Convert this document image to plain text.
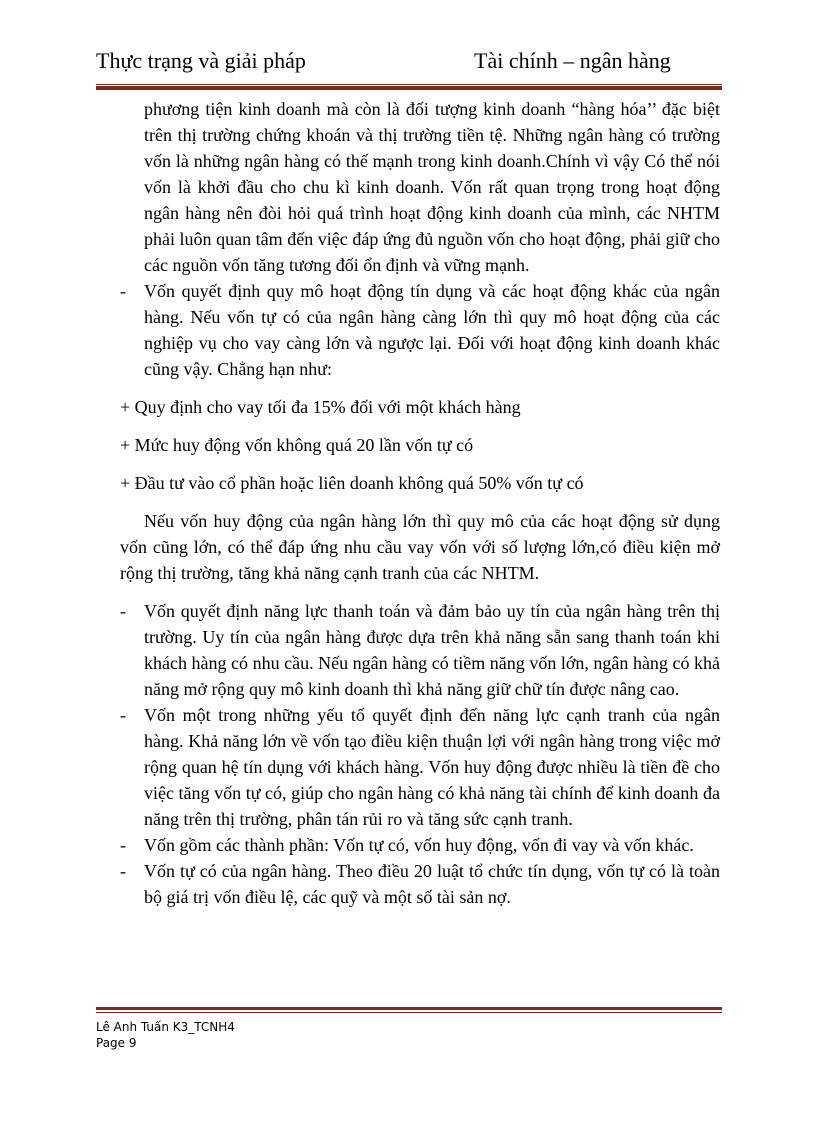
Thực trạng và giải pháp	Tài chính – ngân hàng

phương tiện kinh doanh mà còn là đối tượng kinh doanh “hàng hóa’’ đặc biệt trên thị trường chứng khoán và thị trường tiền tệ. Những ngân hàng có trường vốn là những ngân hàng có thế mạnh trong kinh doanh.Chính vì vậy Có thể nói vốn là khởi đầu cho chu kì kinh doanh. Vốn rất quan trọng trong hoạt động ngân hàng nên đòi hỏi quá trình hoạt động kinh doanh của mình, các NHTM phải luôn quan tâm đến việc đáp ứng đủ nguồn vốn cho hoạt động, phải giữ cho các nguồn vốn tăng tương đối ổn định và vững mạnh.

- Vốn quyết định quy mô hoạt động tín dụng và các hoạt động khác của ngân hàng. Nếu vốn tự có của ngân hàng càng lớn thì quy mô hoạt động của các nghiệp vụ cho vay càng lớn và ngược lại. Đối với hoạt động kinh doanh khác cũng vậy. Chẳng hạn như:

+ Quy định cho vay tối đa 15% đối với một khách hàng

+ Mức huy động vốn không quá 20 lần vốn tự có

+ Đầu tư vào cổ phần hoặc liên doanh không quá 50% vốn tự có

Nếu vốn huy động của ngân hàng lớn thì quy mô của các hoạt động sử dụng vốn cũng lớn, có thể đáp ứng nhu cầu vay vốn với số lượng lớn,có điều kiện mở rộng thị trường, tăng khả năng cạnh tranh của các NHTM.

- Vốn quyết định năng lực thanh toán và đảm bảo uy tín của ngân hàng trên thị trường. Uy tín của ngân hàng được dựa trên khả năng sẵn sang thanh toán khi khách hàng có nhu cầu. Nếu ngân hàng có tiềm năng vốn lớn, ngân hàng có khả năng mở rộng quy mô kinh doanh thì khả năng giữ chữ tín được nâng cao.
- Vốn một trong những yếu tố quyết định đến năng lực cạnh tranh của ngân hàng. Khả năng lớn về vốn tạo điều kiện thuận lợi với ngân hàng trong việc mở rộng quan hệ tín dụng với khách hàng. Vốn huy động được nhiều là tiền đề cho việc tăng vốn tự có, giúp cho ngân hàng có khả năng tài chính để kinh doanh đa năng trên thị trường, phân tán rủi ro và tăng sức cạnh tranh.
- Vốn gồm các thành phần: Vốn tự có, vốn huy động, vốn đi vay và vốn khác.
- Vốn tự có của ngân hàng. Theo điều 20 luật tổ chức tín dụng, vốn tự có là toàn bộ giá trị vốn điều lệ, các quỹ và một số tài sản nợ.
Lê Anh Tuấn K3_TCNH4
Page 9
